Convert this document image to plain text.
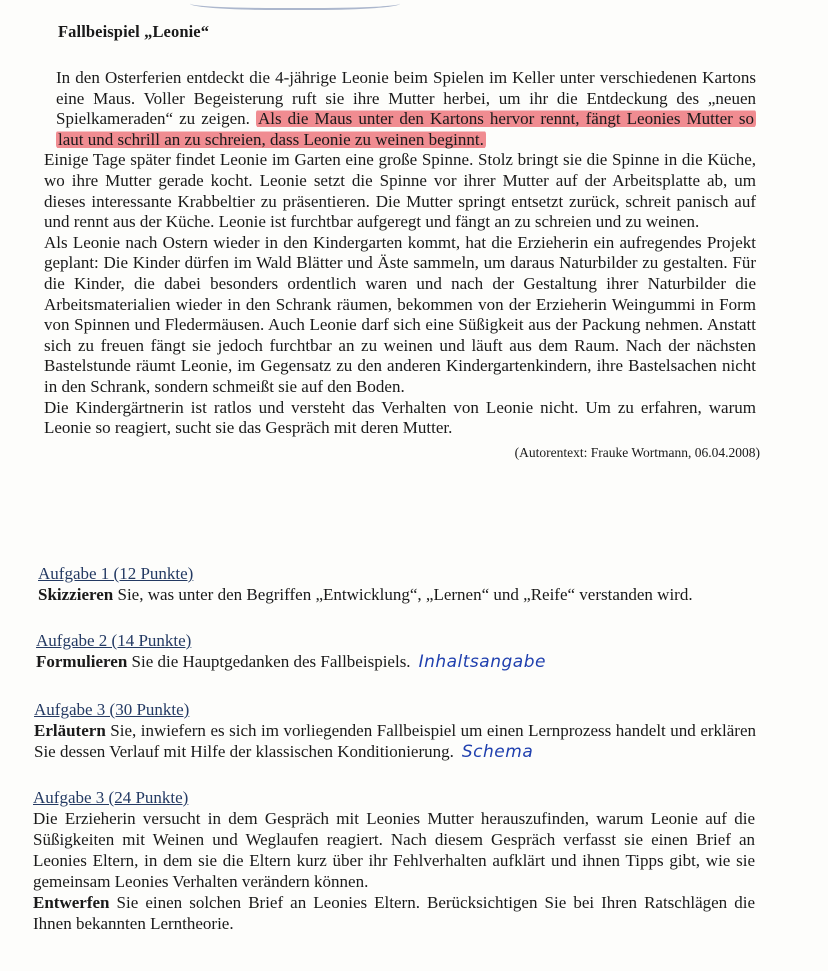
Fallbeispiel „Leonie“

In den Osterferien entdeckt die 4-jährige Leonie beim Spielen im Keller unter verschiedenen Kartons eine Maus. Voller Begeisterung ruft sie ihre Mutter herbei, um ihr die Entdeckung des „neuen Spielkameraden“ zu zeigen. Als die Maus unter den Kartons hervor rennt, fängt Leonies Mutter so laut und schrill an zu schreien, dass Leonie zu weinen beginnt.

Einige Tage später findet Leonie im Garten eine große Spinne. Stolz bringt sie die Spinne in die Küche, wo ihre Mutter gerade kocht. Leonie setzt die Spinne vor ihrer Mutter auf der Arbeitsplatte ab, um dieses interessante Krabbeltier zu präsentieren. Die Mutter springt entsetzt zurück, schreit panisch auf und rennt aus der Küche. Leonie ist furchtbar aufgeregt und fängt an zu schreien und zu weinen.

Als Leonie nach Ostern wieder in den Kindergarten kommt, hat die Erzieherin ein aufregendes Projekt geplant: Die Kinder dürfen im Wald Blätter und Äste sammeln, um daraus Naturbilder zu gestalten. Für die Kinder, die dabei besonders ordentlich waren und nach der Gestaltung ihrer Naturbilder die Arbeitsmaterialien wieder in den Schrank räumen, bekommen von der Erzieherin Weingummi in Form von Spinnen und Fledermäusen. Auch Leonie darf sich eine Süßigkeit aus der Packung nehmen. Anstatt sich zu freuen fängt sie jedoch furchtbar an zu weinen und läuft aus dem Raum. Nach der nächsten Bastelstunde räumt Leonie, im Gegensatz zu den anderen Kindergartenkindern, ihre Bastelsachen nicht in den Schrank, sondern schmeißt sie auf den Boden.

Die Kindergärtnerin ist ratlos und versteht das Verhalten von Leonie nicht. Um zu erfahren, warum Leonie so reagiert, sucht sie das Gespräch mit deren Mutter.

(Autorentext: Frauke Wortmann, 06.04.2008)

Aufgabe 1 (12 Punkte)

Skizzieren Sie, was unter den Begriffen „Entwicklung“, „Lernen“ und „Reife“ verstanden wird.

Aufgabe 2 (14 Punkte)

Formulieren Sie die Hauptgedanken des Fallbeispiels. Inhaltsangabe

Aufgabe 3 (30 Punkte)

Erläutern Sie, inwiefern es sich im vorliegenden Fallbeispiel um einen Lernprozess handelt und erklären Sie dessen Verlauf mit Hilfe der klassischen Konditionierung. Schema

Aufgabe 3 (24 Punkte)

Die Erzieherin versucht in dem Gespräch mit Leonies Mutter herauszufinden, warum Leonie auf die Süßigkeiten mit Weinen und Weglaufen reagiert. Nach diesem Gespräch verfasst sie einen Brief an Leonies Eltern, in dem sie die Eltern kurz über ihr Fehlverhalten aufklärt und ihnen Tipps gibt, wie sie gemeinsam Leonies Verhalten verändern können.

Entwerfen Sie einen solchen Brief an Leonies Eltern. Berücksichtigen Sie bei Ihren Ratschlägen die Ihnen bekannten Lerntheorie.
